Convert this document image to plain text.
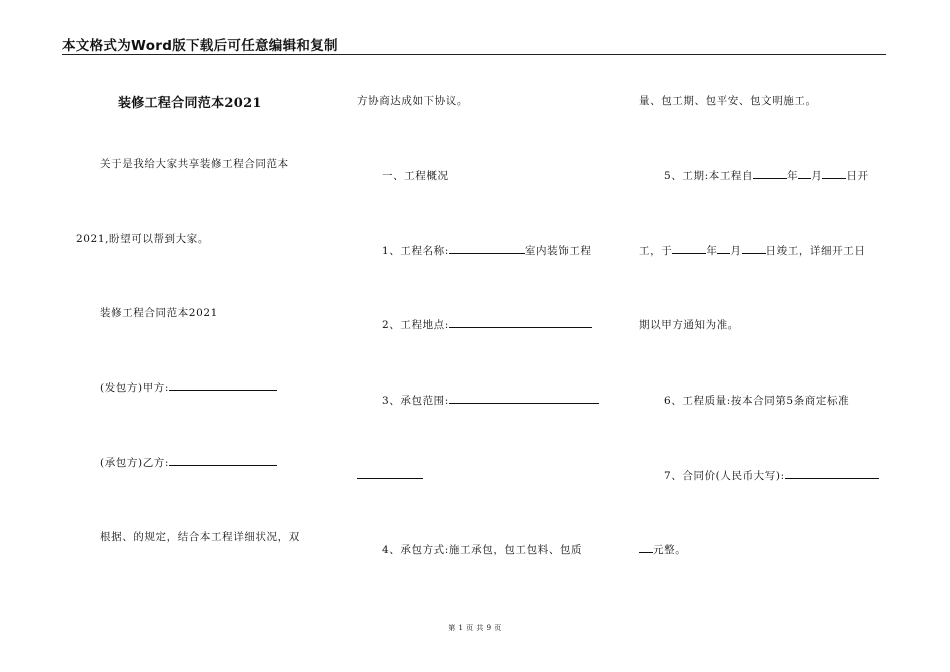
本文格式为Word版下载后可任意编辑和复制
装修工程合同范本2021
关于是我给大家共享装修工程合同范本
2021,盼望可以帮到大家。
装修工程合同范本2021
(发包方)甲方:
(承包方)乙方:
根据、的规定，结合本工程详细状况，双
方协商达成如下协议。
一、工程概况
1、工程名称:	室内装饰工程
2、工程地点:
3、承包范围:
4、承包方式:施工承包，包工包料、包质
量、包工期、包平安、包文明施工。
5、工期:本工程自	年 月 日开
工，于	年 月 日竣工，详细开工日
期以甲方通知为准。
6、工程质量:按本合同第5条商定标准
7、合同价(人民币大写):
元整。
第 1 页 共 9 页
